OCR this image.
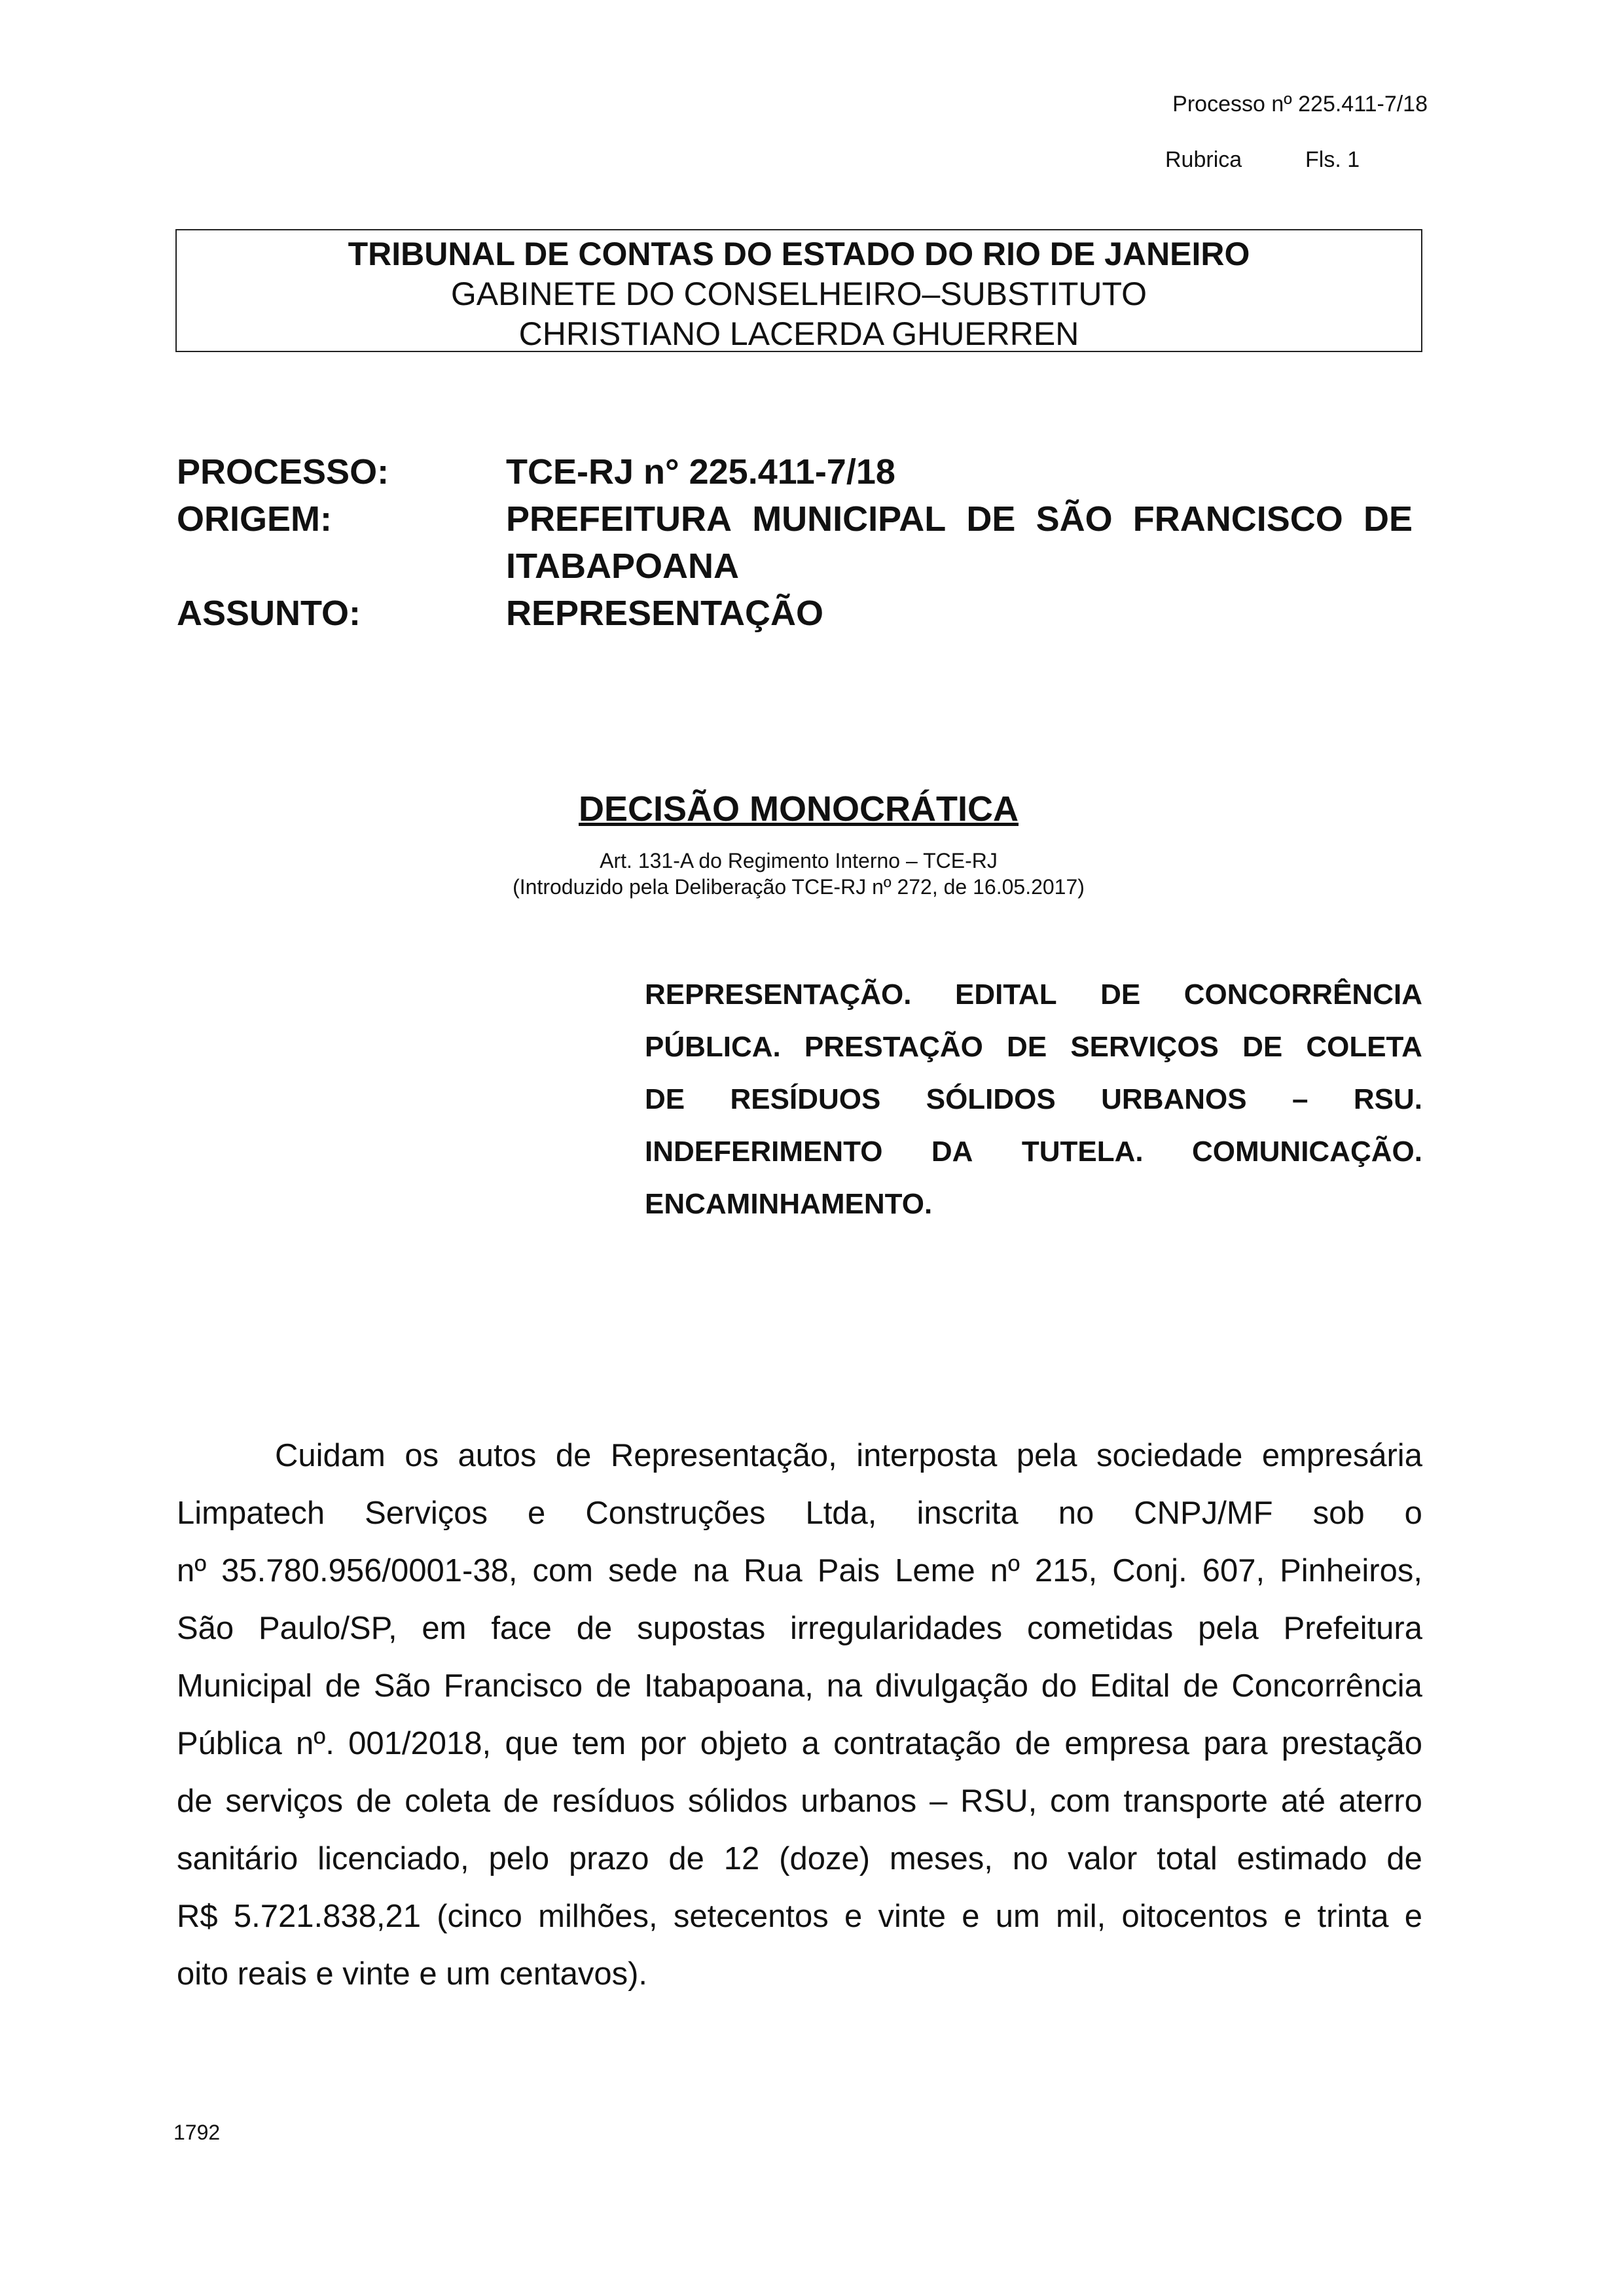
Processo nº 225.411-7/18
Rubrica	Fls. 1
TRIBUNAL DE CONTAS DO ESTADO DO RIO DE JANEIRO
GABINETE DO CONSELHEIRO–SUBSTITUTO
CHRISTIANO LACERDA GHUERREN
PROCESSO:	TCE-RJ n° 225.411-7/18
ORIGEM:	PREFEITURA MUNICIPAL DE SÃO FRANCISCO DE
ITABAPOANA
ASSUNTO:	REPRESENTAÇÃO
DECISÃO MONOCRÁTICA
Art. 131-A do Regimento Interno – TCE-RJ
(Introduzido pela Deliberação TCE-RJ nº 272, de 16.05.2017)
REPRESENTAÇÃO. EDITAL DE CONCORRÊNCIA
PÚBLICA. PRESTAÇÃO DE SERVIÇOS DE COLETA
DE RESÍDUOS SÓLIDOS URBANOS – RSU.
INDEFERIMENTO DA TUTELA. COMUNICAÇÃO.
ENCAMINHAMENTO.
Cuidam os autos de Representação, interposta pela sociedade empresária
Limpatech Serviços e Construções Ltda, inscrita no CNPJ/MF sob o
nº 35.780.956/0001-38, com sede na Rua Pais Leme nº 215, Conj. 607, Pinheiros,
São Paulo/SP, em face de supostas irregularidades cometidas pela Prefeitura
Municipal de São Francisco de Itabapoana, na divulgação do Edital de Concorrência
Pública nº. 001/2018, que tem por objeto a contratação de empresa para prestação
de serviços de coleta de resíduos sólidos urbanos – RSU, com transporte até aterro
sanitário licenciado, pelo prazo de 12 (doze) meses, no valor total estimado de
R$ 5.721.838,21 (cinco milhões, setecentos e vinte e um mil, oitocentos e trinta e
oito reais e vinte e um centavos).
1792
